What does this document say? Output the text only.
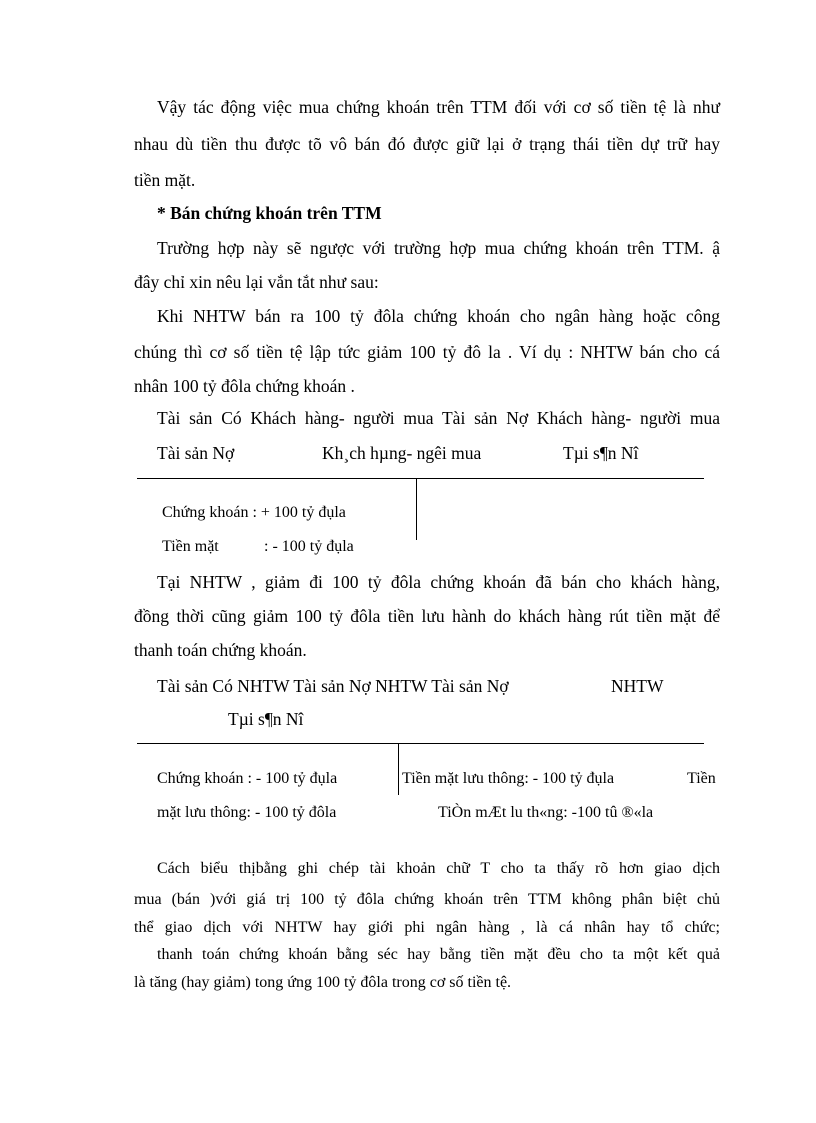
Vậy tác động việc mua chứng khoán trên TTM đối với cơ số tiền tệ là như
nhau dù tiền thu được tõ vô bán đó được giữ lại ở trạng thái tiền dự trữ hay
tiền mặt.
* Bán chứng khoán trên TTM
Trường hợp này sẽ ngược với trường hợp mua chứng khoán trên TTM. ậ
đây chỉ xin nêu lại vắn tắt như sau:
Khi NHTW bán ra 100 tỷ đôla chứng khoán cho ngân hàng hoặc công
chúng thì cơ số tiền tệ lập tức giảm 100 tỷ đô la . Ví dụ : NHTW bán cho cá
nhân 100 tỷ đôla chứng khoán .
Tài sản Có Khách hàng- người mua Tài sản Nợ Khách hàng- người mua
Tài sản Nợ	Kh¸ch hµng- ngêi mua	Tµi s¶n Nî
Chứng khoán : + 100 tỷ đụla
Tiền mặt	: - 100 tỷ đụla
Tại NHTW , giảm đi 100 tỷ đôla chứng khoán đã bán cho khách hàng,
đồng thời cũng giảm 100 tỷ đôla tiền lưu hành do khách hàng rút tiền mặt để
thanh toán chứng khoán.
Tài sản Có NHTW Tài sản Nợ NHTW Tài sản Nợ	NHTW
Tµi s¶n Nî
Chứng khoán : - 100 tỷ đụla	Tiền mặt lưu thông: - 100 tỷ đụla	Tiền
mặt lưu thông: - 100 tỷ đôla	TiÒn mÆt lu th«ng: -100 tû ®«la
Cách biểu thịbằng ghi chép tài khoản chữ T cho ta thấy rõ hơn giao dịch
mua (bán )với giá trị 100 tỷ đôla chứng khoán trên TTM không phân biệt chủ
thể giao dịch với NHTW hay giới phi ngân hàng , là cá nhân hay tổ chức;
thanh toán chứng khoán bằng séc hay bằng tiền mặt đều cho ta một kết quả
là tăng (hay giảm) tong ứng 100 tỷ đôla trong cơ số tiền tệ.
